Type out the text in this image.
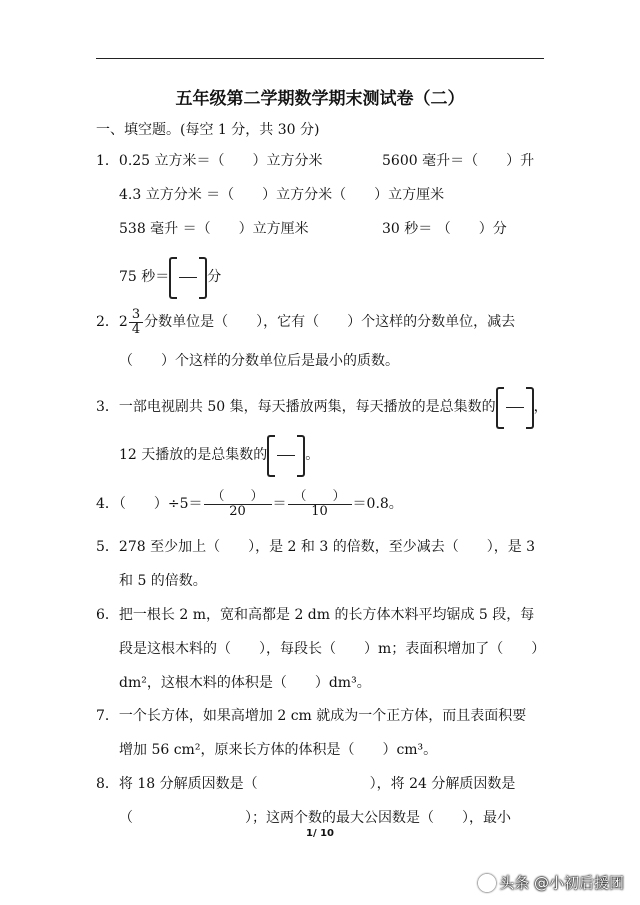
五年级第二学期数学期末测试卷（二）
一、填空题。(每空 1 分，共 30 分)
1．0.25 立方米＝（　　）立方分米	5600 毫升＝（　　）升
4.3 立方分米 ＝（　　）立方分米（　　）立方厘米
538 毫升 ＝（　　）立方厘米	30 秒＝ （　　）分
75 秒＝	分
2． $2 \frac{3}{4}$ 分数单位是（　　），它有（　　）个这样的分数单位，减去
（　　）个这样的分数单位后是最小的质数。
3．一部电视剧共 50 集，每天播放两集，每天播放的是总集数的	，
12 天播放的是总集数的	。
4．（　　）$\div 5= \frac{( )}{20} = \frac{( )}{10} =0.8$。
5．278 至少加上（　　），是 2 和 3 的倍数，至少减去（　　），是 3
和 5 的倍数。
6．把一根长 2 m，宽和高都是 2 dm 的长方体木料平均锯成 5 段，每
段是这根木料的（　　），每段长（　　）m；表面积增加了（　　）
dm²，这根木料的体积是（　　）dm³。
7．一个长方体，如果高增加 2 cm 就成为一个正方体，而且表面积要
增加 56 cm²，原来长方体的体积是（　　）cm³。
8．将 18 分解质因数是（　　　　　　　　），将 24 分解质因数是
（　　　　　　　　）；这两个数的最大公因数是（　　），最小
1/ 10
头条 @小初后援团
